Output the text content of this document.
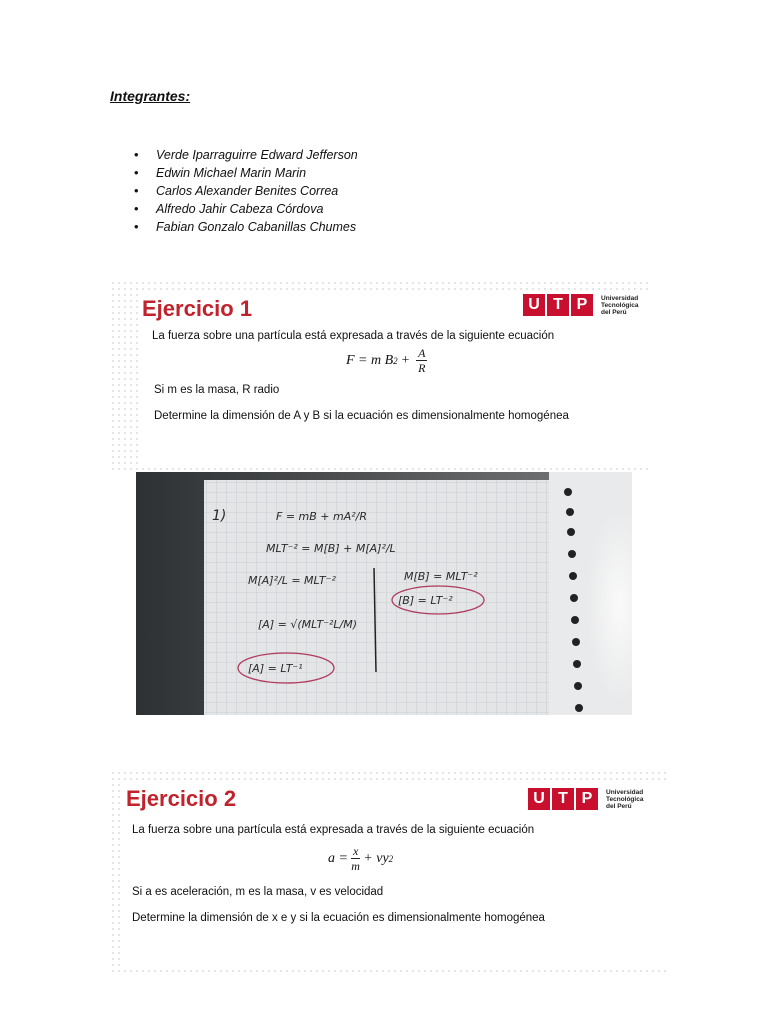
Integrantes:
• Verde Iparraguirre Edward Jefferson
• Edwin Michael Marin Marin
• Carlos Alexander Benites Correa
• Alfredo Jahir Cabeza Córdova
• Fabian Gonzalo Cabanillas Chumes
Ejercicio 1	U T P	Universidad
Tecnológica
del Perú
La fuerza sobre una partícula está expresada a través de la siguiente ecuación
F = m B $2 + \frac{A}{R}$
Si m es la masa, R radio
Determine la dimensión de A y B si la ecuación es dimensionalmente homogénea
1)	F = mB + mA²/R
MLT⁻² = M[B] + M[A]²/L
M[A]²/L = MLT⁻²	M[B] = MLT⁻²
[B] = LT⁻²
[A] = √(MLT⁻²L/M)
[A] = LT⁻¹
Ejercicio 2	U T P	Universidad
Tecnológica
del Perú
La fuerza sobre una partícula está expresada a través de la siguiente ecuación
$a = \frac{x}{m}$ + vy 2
Si a es aceleración, m es la masa, v es velocidad
Determine la dimensión de x e y si la ecuación es dimensionalmente homogénea
